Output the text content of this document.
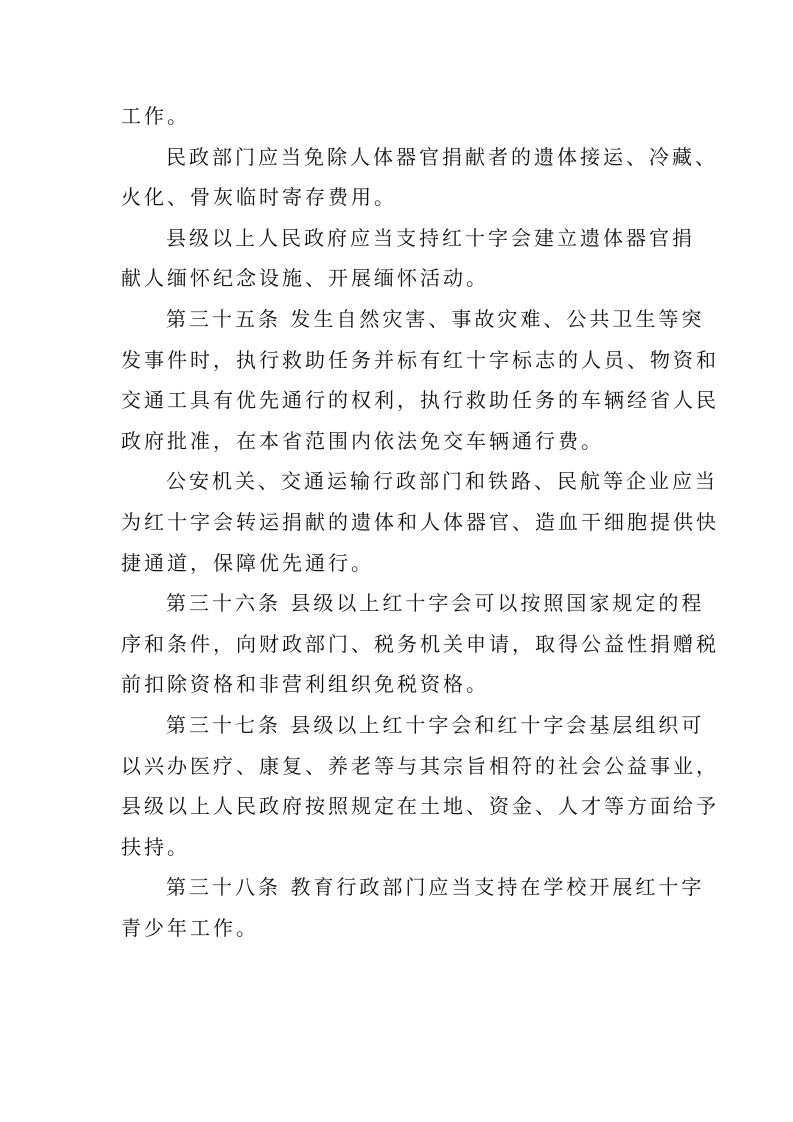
工作。
民政部门应当免除人体器官捐献者的遗体接运、冷藏、
火化、骨灰临时寄存费用。
县级以上人民政府应当支持红十字会建立遗体器官捐
献人缅怀纪念设施、开展缅怀活动。
第三十五条 发生自然灾害、事故灾难、公共卫生等突
发事件时，执行救助任务并标有红十字标志的人员、物资和
交通工具有优先通行的权利，执行救助任务的车辆经省人民
政府批准，在本省范围内依法免交车辆通行费。
公安机关、交通运输行政部门和铁路、民航等企业应当
为红十字会转运捐献的遗体和人体器官、造血干细胞提供快
捷通道，保障优先通行。
第三十六条 县级以上红十字会可以按照国家规定的程
序和条件，向财政部门、税务机关申请，取得公益性捐赠税
前扣除资格和非营利组织免税资格。
第三十七条 县级以上红十字会和红十字会基层组织可
以兴办医疗、康复、养老等与其宗旨相符的社会公益事业，
县级以上人民政府按照规定在土地、资金、人才等方面给予
扶持。
第三十八条 教育行政部门应当支持在学校开展红十字
青少年工作。
